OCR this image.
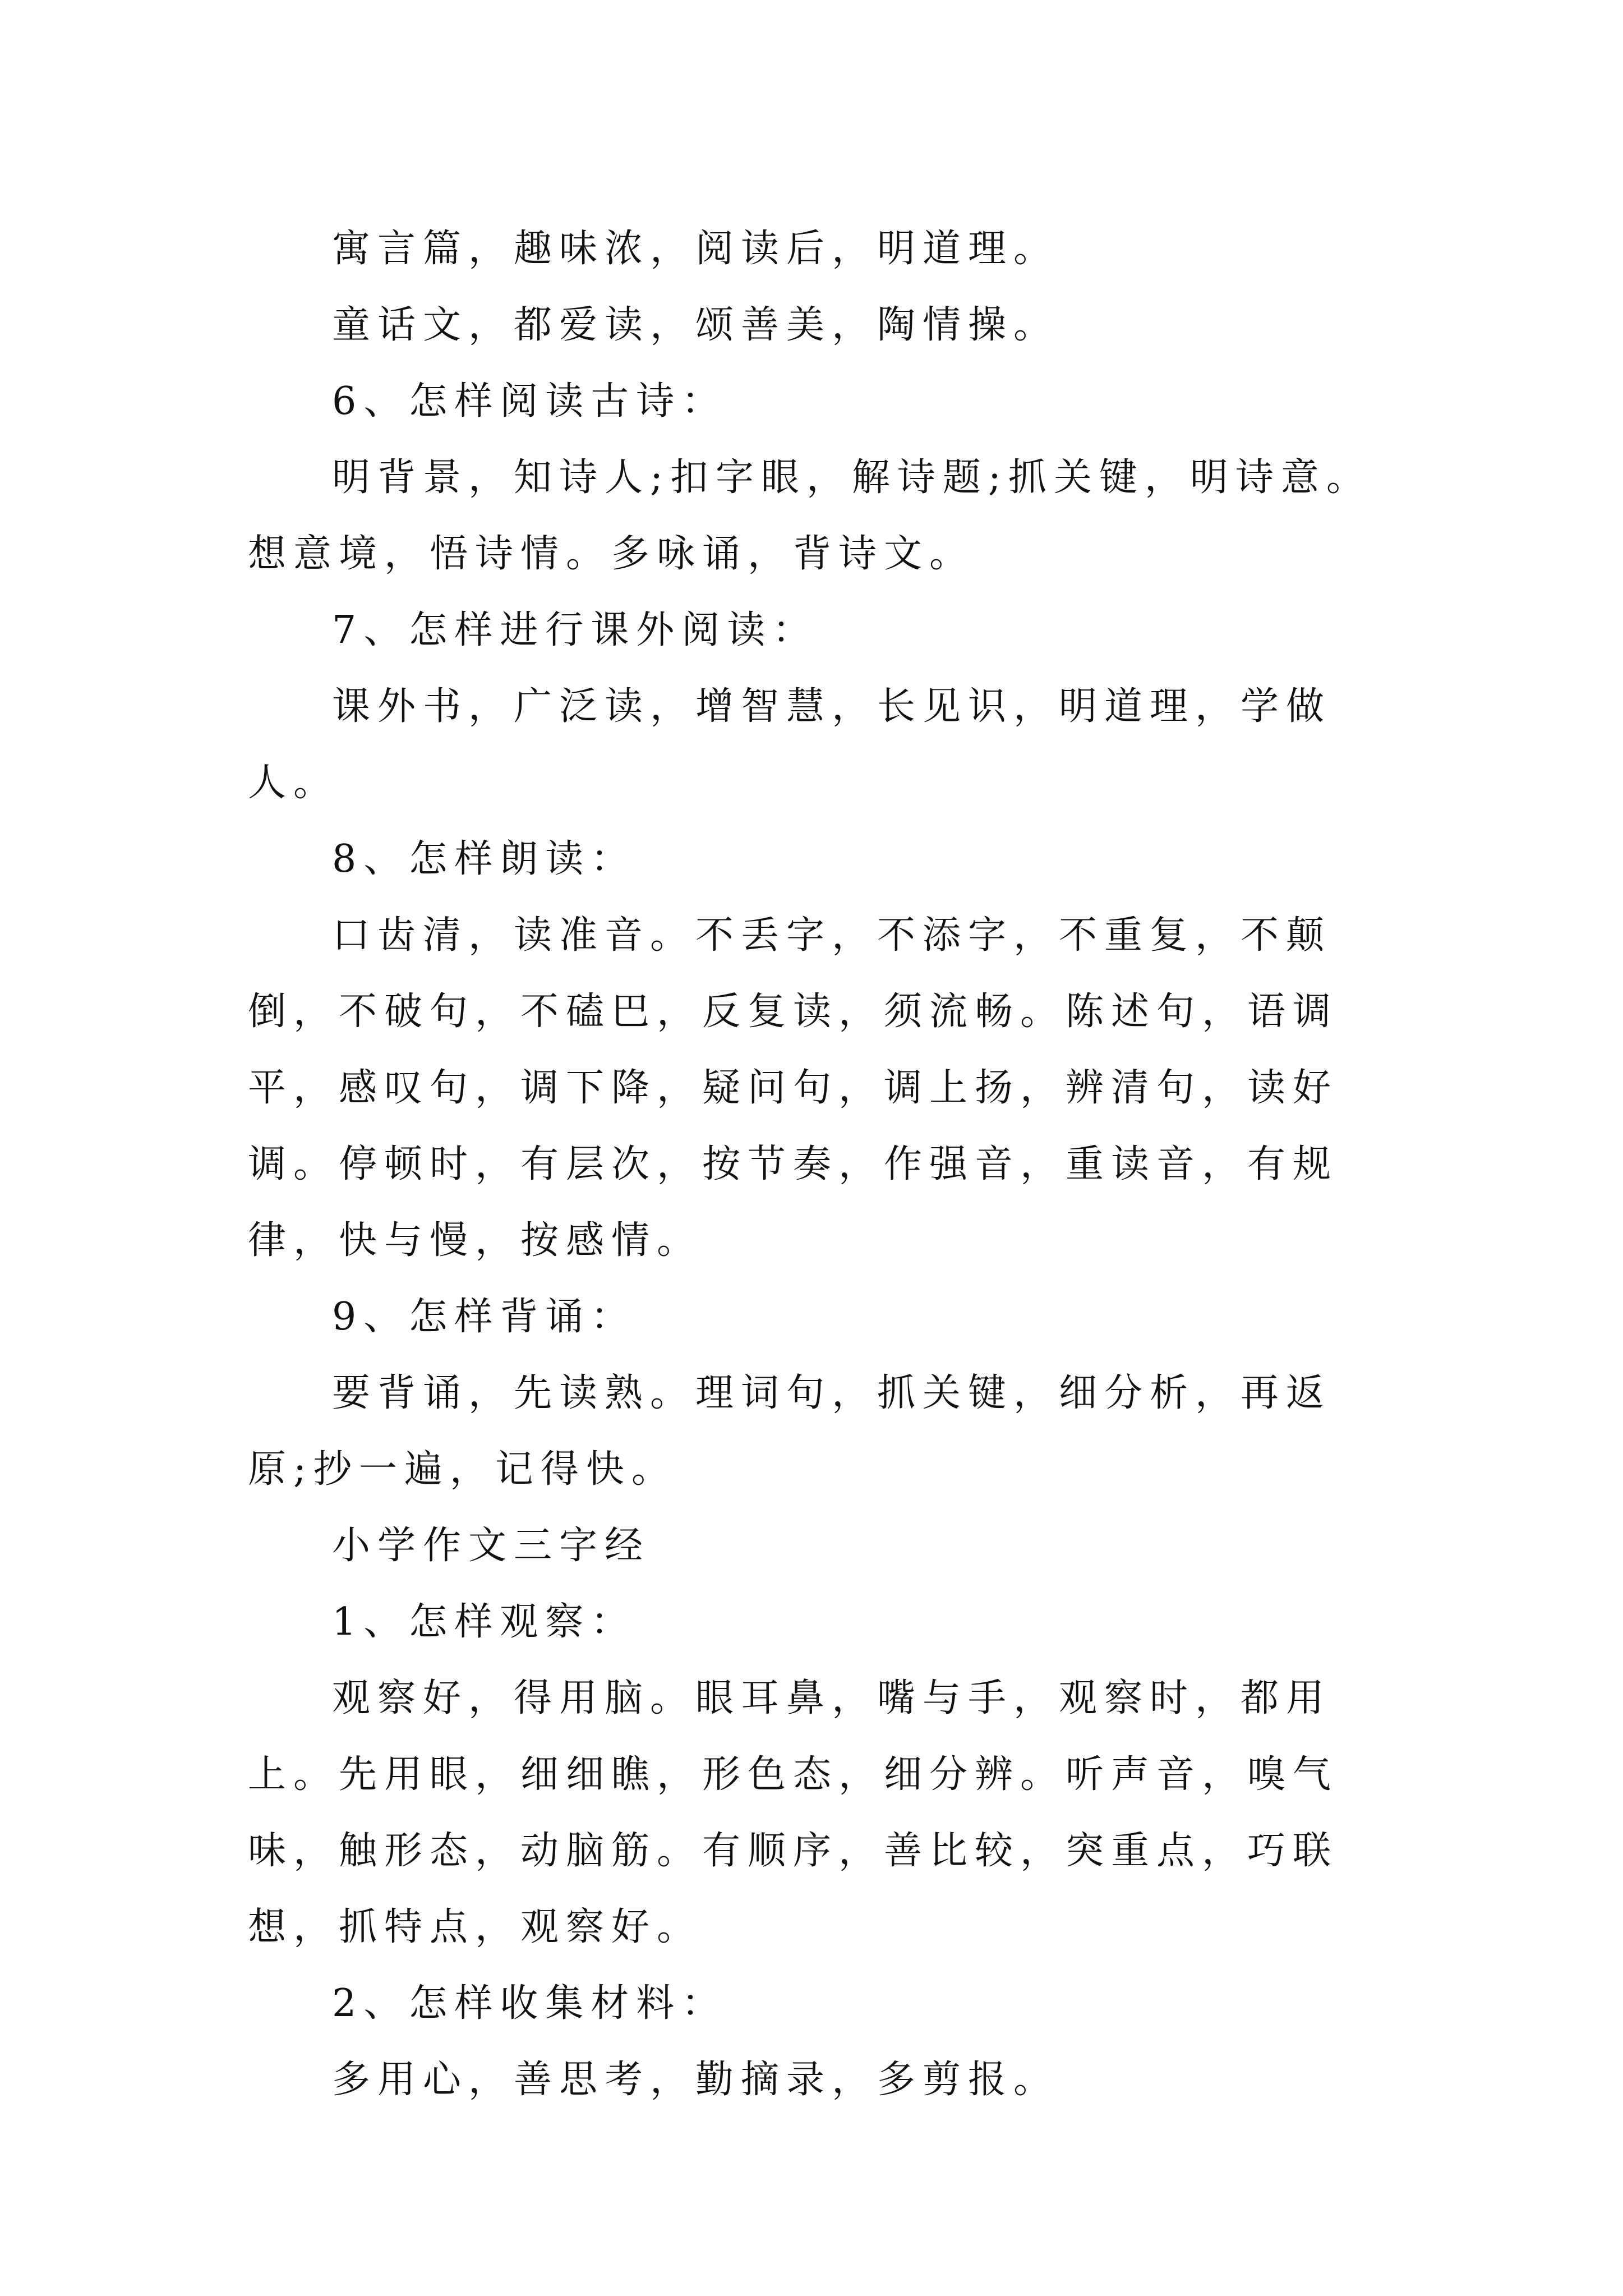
寓言篇，趣味浓，阅读后，明道理。

童话文，都爱读，颂善美，陶情操。

6、怎样阅读古诗：

明背景，知诗人;扣字眼，解诗题;抓关键，明诗意。想意境，悟诗情。多咏诵，背诗文。

7、怎样进行课外阅读：

课外书，广泛读，增智慧，长见识，明道理，学做人。

8、怎样朗读：

口齿清，读准音。不丢字，不添字，不重复，不颠倒，不破句，不磕巴，反复读，须流畅。陈述句，语调平，感叹句，调下降，疑问句，调上扬，辨清句，读好调。停顿时，有层次，按节奏，作强音，重读音，有规律，快与慢，按感情。

9、怎样背诵：

要背诵，先读熟。理词句，抓关键，细分析，再返原;抄一遍，记得快。

小学作文三字经

1、怎样观察：

观察好，得用脑。眼耳鼻，嘴与手，观察时，都用上。先用眼，细细瞧，形色态，细分辨。听声音，嗅气味，触形态，动脑筋。有顺序，善比较，突重点，巧联想，抓特点，观察好。

2、怎样收集材料：

多用心，善思考，勤摘录，多剪报。
